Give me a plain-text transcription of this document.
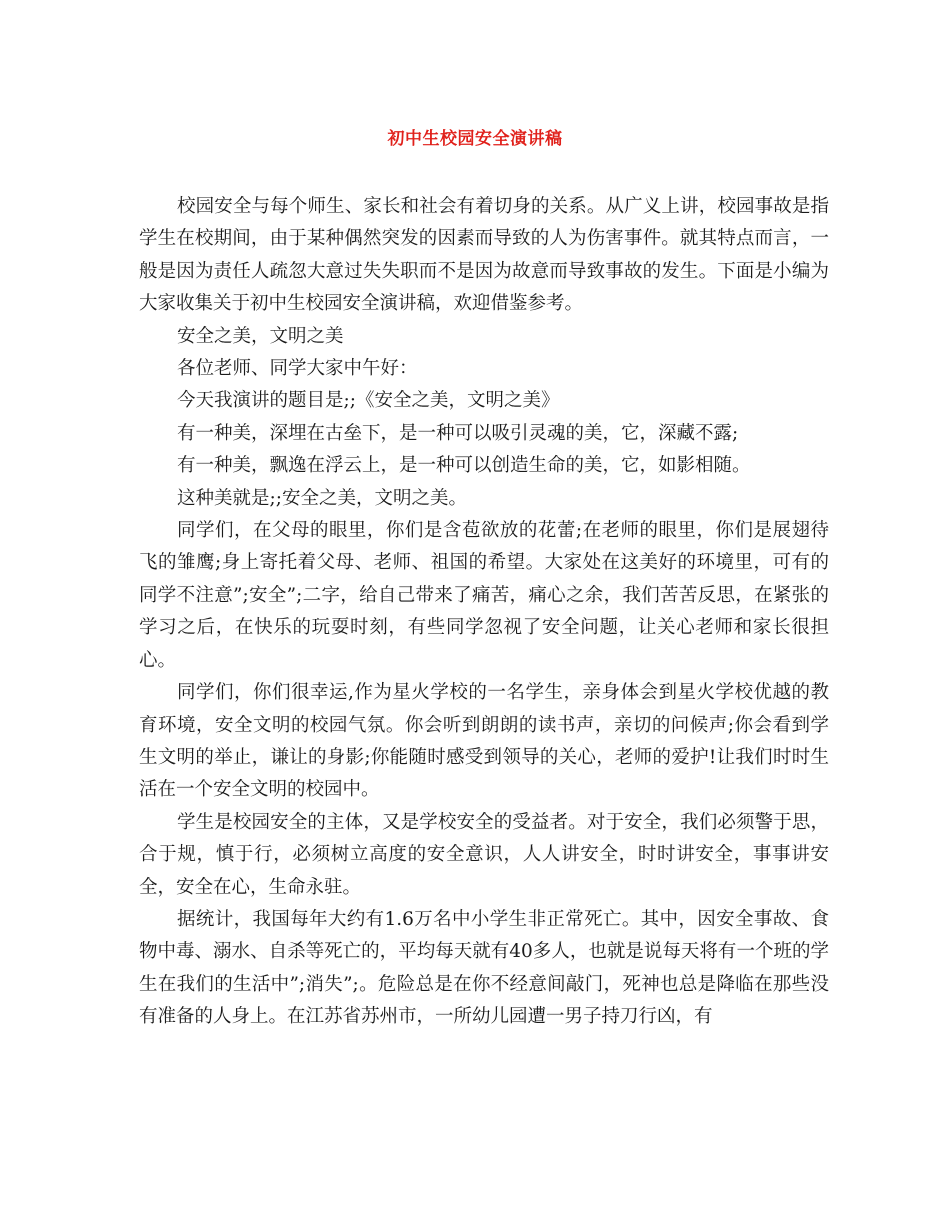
初中生校园安全演讲稿

校园安全与每个师生、家长和社会有着切身的关系。从广义上讲，校园事故是指学生在校期间，由于某种偶然突发的因素而导致的人为伤害事件。就其特点而言，一般是因为责任人疏忽大意过失失职而不是因为故意而导致事故的发生。下面是小编为大家收集关于初中生校园安全演讲稿，欢迎借鉴参考。

安全之美，文明之美

各位老师、同学大家中午好：

今天我演讲的题目是;;《安全之美，文明之美》

有一种美，深埋在古垒下，是一种可以吸引灵魂的美，它，深藏不露;

有一种美，飘逸在浮云上，是一种可以创造生命的美，它，如影相随。

这种美就是;;安全之美，文明之美。

同学们，在父母的眼里，你们是含苞欲放的花蕾;在老师的眼里，你们是展翅待飞的雏鹰;身上寄托着父母、老师、祖国的希望。大家处在这美好的环境里，可有的同学不注意”;安全”;二字，给自己带来了痛苦，痛心之余，我们苦苦反思，在紧张的学习之后，在快乐的玩耍时刻，有些同学忽视了安全问题，让关心老师和家长很担心。

同学们，你们很幸运,作为星火学校的一名学生，亲身体会到星火学校优越的教育环境，安全文明的校园气氛。你会听到朗朗的读书声，亲切的问候声;你会看到学生文明的举止，谦让的身影;你能随时感受到领导的关心，老师的爱护!让我们时时生活在一个安全文明的校园中。

学生是校园安全的主体，又是学校安全的受益者。对于安全，我们必须警于思，合于规，慎于行，必须树立高度的安全意识，人人讲安全，时时讲安全，事事讲安全，安全在心，生命永驻。

据统计，我国每年大约有1.6万名中小学生非正常死亡。其中，因安全事故、食物中毒、溺水、自杀等死亡的，平均每天就有40多人，也就是说每天将有一个班的学生在我们的生活中”;消失”;。危险总是在你不经意间敲门，死神也总是降临在那些没有准备的人身上。在江苏省苏州市，一所幼儿园遭一男子持刀行凶，有
